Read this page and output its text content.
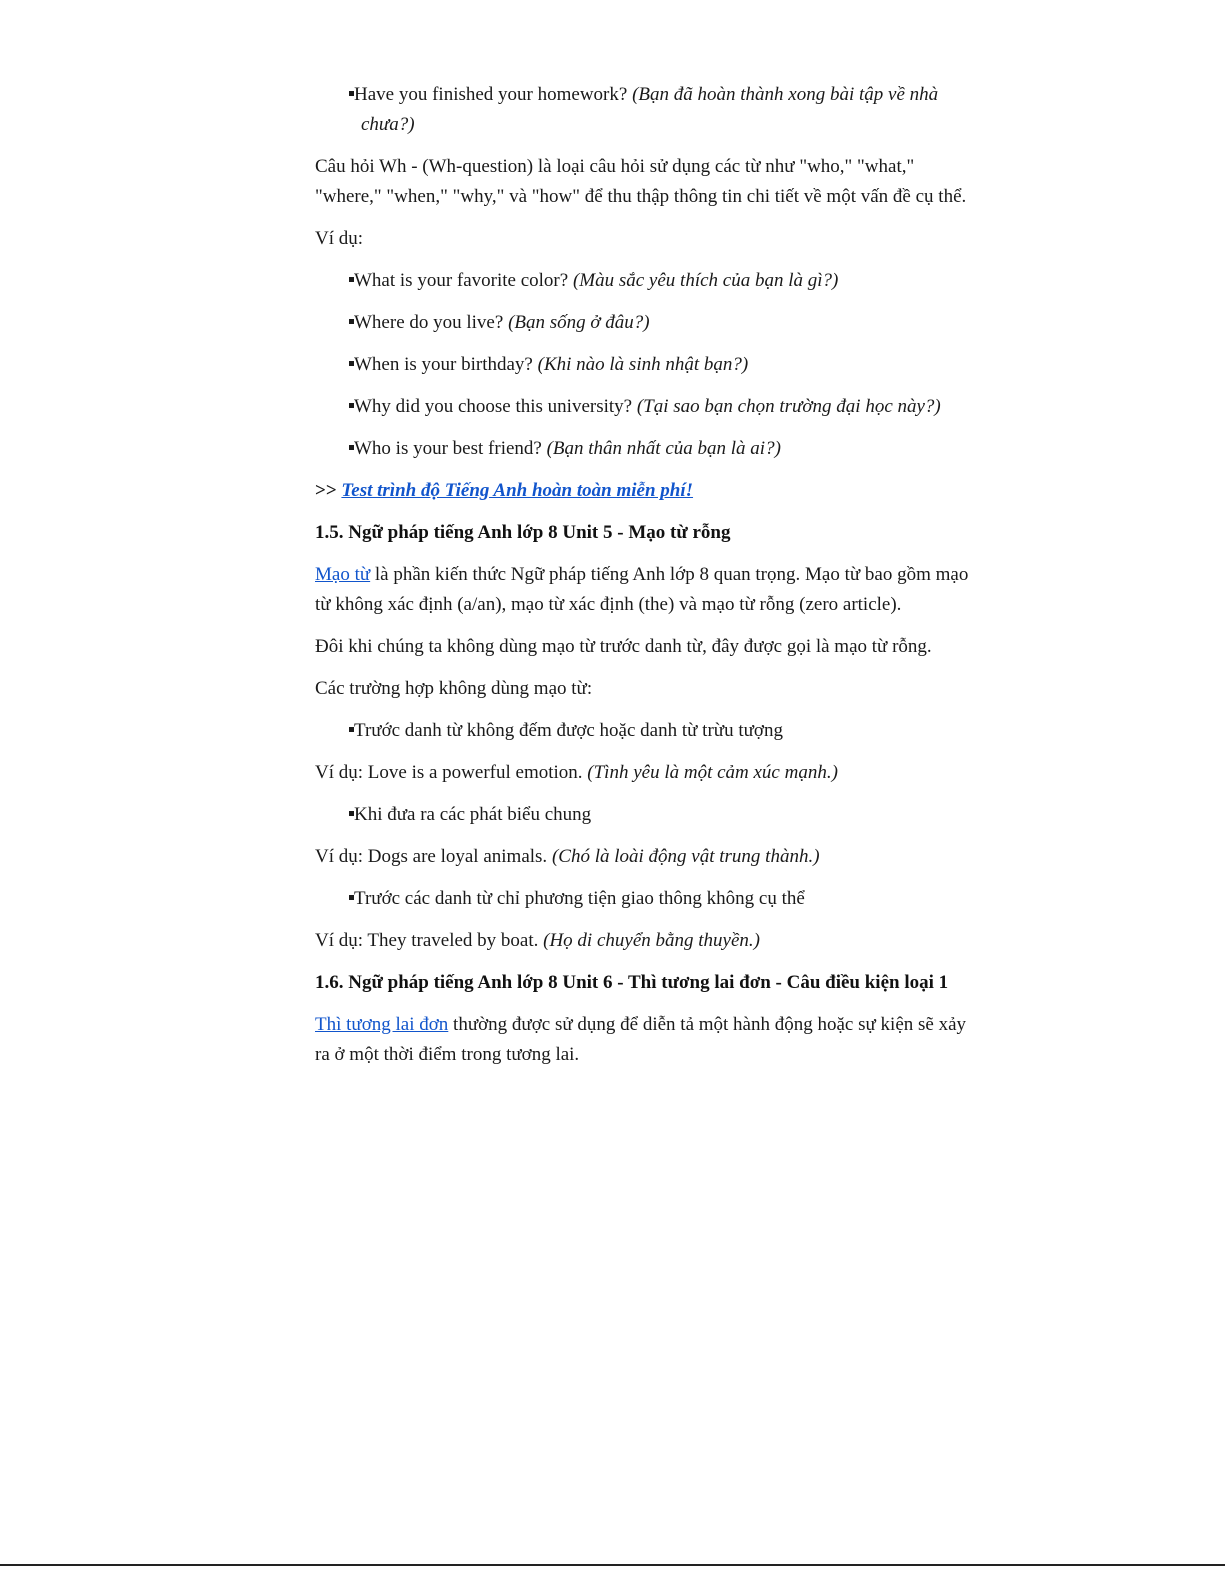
Have you finished your homework? (Bạn đã hoàn thành xong bài tập về nhà
chưa?)

Câu hỏi Wh - (Wh-question) là loại câu hỏi sử dụng các từ như "who," "what,"
"where," "when," "why," và "how" để thu thập thông tin chi tiết về một vấn đề cụ thể.

Ví dụ:

What is your favorite color? (Màu sắc yêu thích của bạn là gì?)
Where do you live? (Bạn sống ở đâu?)
When is your birthday? (Khi nào là sinh nhật bạn?)
Why did you choose this university? (Tại sao bạn chọn trường đại học này?)
Who is your best friend? (Bạn thân nhất của bạn là ai?)

>> Test trình độ Tiếng Anh hoàn toàn miễn phí!

1.5. Ngữ pháp tiếng Anh lớp 8 Unit 5 - Mạo từ rỗng

Mạo từ là phần kiến thức Ngữ pháp tiếng Anh lớp 8 quan trọng. Mạo từ bao gồm mạo
từ không xác định (a/an), mạo từ xác định (the) và mạo từ rỗng (zero article).

Đôi khi chúng ta không dùng mạo từ trước danh từ, đây được gọi là mạo từ rỗng.

Các trường hợp không dùng mạo từ:

Trước danh từ không đếm được hoặc danh từ trừu tượng

Ví dụ: Love is a powerful emotion. (Tình yêu là một cảm xúc mạnh.)

Khi đưa ra các phát biểu chung

Ví dụ: Dogs are loyal animals. (Chó là loài động vật trung thành.)

Trước các danh từ chỉ phương tiện giao thông không cụ thể

Ví dụ: They traveled by boat. (Họ di chuyển bằng thuyền.)

1.6. Ngữ pháp tiếng Anh lớp 8 Unit 6 - Thì tương lai đơn - Câu điều kiện loại 1

Thì tương lai đơn thường được sử dụng để diễn tả một hành động hoặc sự kiện sẽ xảy
ra ở một thời điểm trong tương lai.
